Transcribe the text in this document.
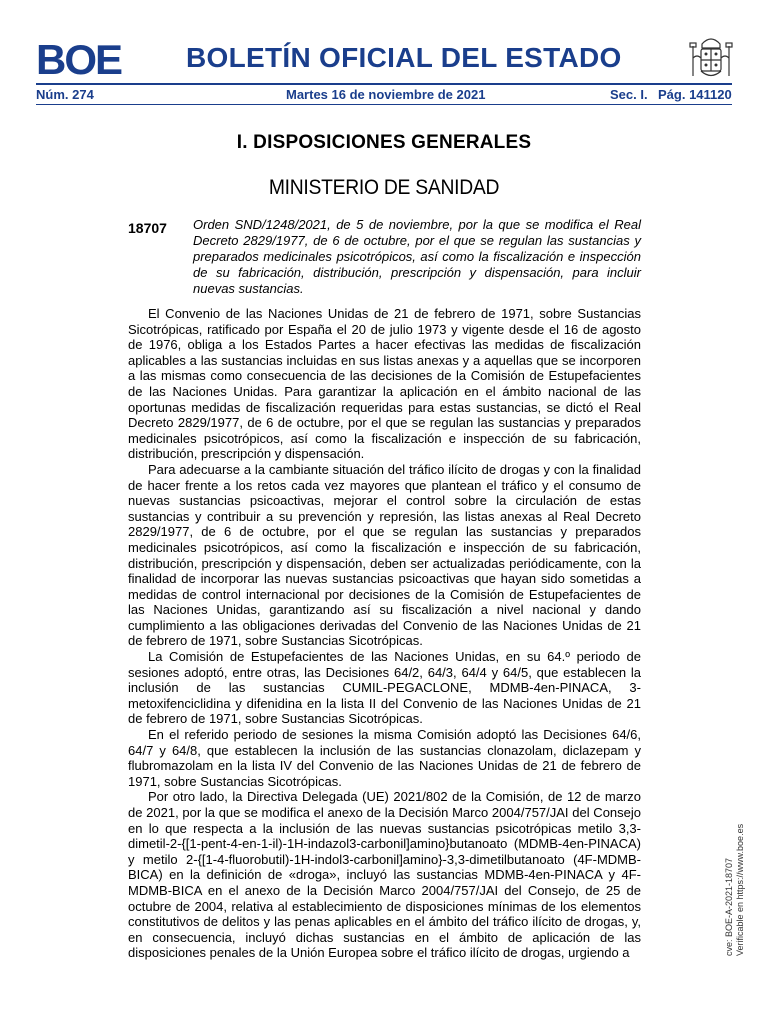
BOE BOLETÍN OFICIAL DEL ESTADO
Núm. 274	Martes 16 de noviembre de 2021	Sec. I. Pág. 141120
I. DISPOSICIONES GENERALES
MINISTERIO DE SANIDAD
18707 Orden SND/1248/2021, de 5 de noviembre, por la que se modifica el Real Decreto 2829/1977, de 6 de octubre, por el que se regulan las sustancias y preparados medicinales psicotrópicos, así como la fiscalización e inspección de su fabricación, distribución, prescripción y dispensación, para incluir nuevas sustancias.

El Convenio de las Naciones Unidas de 21 de febrero de 1971, sobre Sustancias Sicotrópicas, ratificado por España el 20 de julio 1973 y vigente desde el 16 de agosto de 1976, obliga a los Estados Partes a hacer efectivas las medidas de fiscalización aplicables a las sustancias incluidas en sus listas anexas y a aquellas que se incorporen a las mismas como consecuencia de las decisiones de la Comisión de Estupefacientes de las Naciones Unidas. Para garantizar la aplicación en el ámbito nacional de las oportunas medidas de fiscalización requeridas para estas sustancias, se dictó el Real Decreto 2829/1977, de 6 de octubre, por el que se regulan las sustancias y preparados medicinales psicotrópicos, así como la fiscalización e inspección de su fabricación, distribución, prescripción y dispensación.

Para adecuarse a la cambiante situación del tráfico ilícito de drogas y con la finalidad de hacer frente a los retos cada vez mayores que plantean el tráfico y el consumo de nuevas sustancias psicoactivas, mejorar el control sobre la circulación de estas sustancias y contribuir a su prevención y represión, las listas anexas al Real Decreto 2829/1977, de 6 de octubre, por el que se regulan las sustancias y preparados medicinales psicotrópicos, así como la fiscalización e inspección de su fabricación, distribución, prescripción y dispensación, deben ser actualizadas periódicamente, con la finalidad de incorporar las nuevas sustancias psicoactivas que hayan sido sometidas a medidas de control internacional por decisiones de la Comisión de Estupefacientes de las Naciones Unidas, garantizando así su fiscalización a nivel nacional y dando cumplimiento a las obligaciones derivadas del Convenio de las Naciones Unidas de 21 de febrero de 1971, sobre Sustancias Sicotrópicas.

La Comisión de Estupefacientes de las Naciones Unidas, en su 64.º periodo de sesiones adoptó, entre otras, las Decisiones 64/2, 64/3, 64/4 y 64/5, que establecen la inclusión de las sustancias CUMIL-PEGACLONE, MDMB-4en-PINACA, 3-metoxifenciclidina y difenidina en la lista II del Convenio de las Naciones Unidas de 21 de febrero de 1971, sobre Sustancias Sicotrópicas.

En el referido periodo de sesiones la misma Comisión adoptó las Decisiones 64/6, 64/7 y 64/8, que establecen la inclusión de las sustancias clonazolam, diclazepam y flubromazolam en la lista IV del Convenio de las Naciones Unidas de 21 de febrero de 1971, sobre Sustancias Sicotrópicas.

Por otro lado, la Directiva Delegada (UE) 2021/802 de la Comisión, de 12 de marzo de 2021, por la que se modifica el anexo de la Decisión Marco 2004/757/JAI del Consejo en lo que respecta a la inclusión de las nuevas sustancias psicotrópicas metilo 3,3-dimetil-2-{[1-pent-4-en-1-il)-1H-indazol3-carbonil]amino}butanoato (MDMB-4en-PINACA) y metilo 2-{[1-4-fluorobutil)-1H-indol3-carbonil]amino}-3,3-dimetilbutanoato (4F-MDMB-BICA) en la definición de «droga», incluyó las sustancias MDMB-4en-PINACA y 4F-MDMB-BICA en el anexo de la Decisión Marco 2004/757/JAI del Consejo, de 25 de octubre de 2004, relativa al establecimiento de disposiciones mínimas de los elementos constitutivos de delitos y las penas aplicables en el ámbito del tráfico ilícito de drogas, y, en consecuencia, incluyó dichas sustancias en el ámbito de aplicación de las disposiciones penales de la Unión Europea sobre el tráfico ilícito de drogas, urgiendo a	cve: BOE-A-2021-18707 Verificable en https://www.boe.es
